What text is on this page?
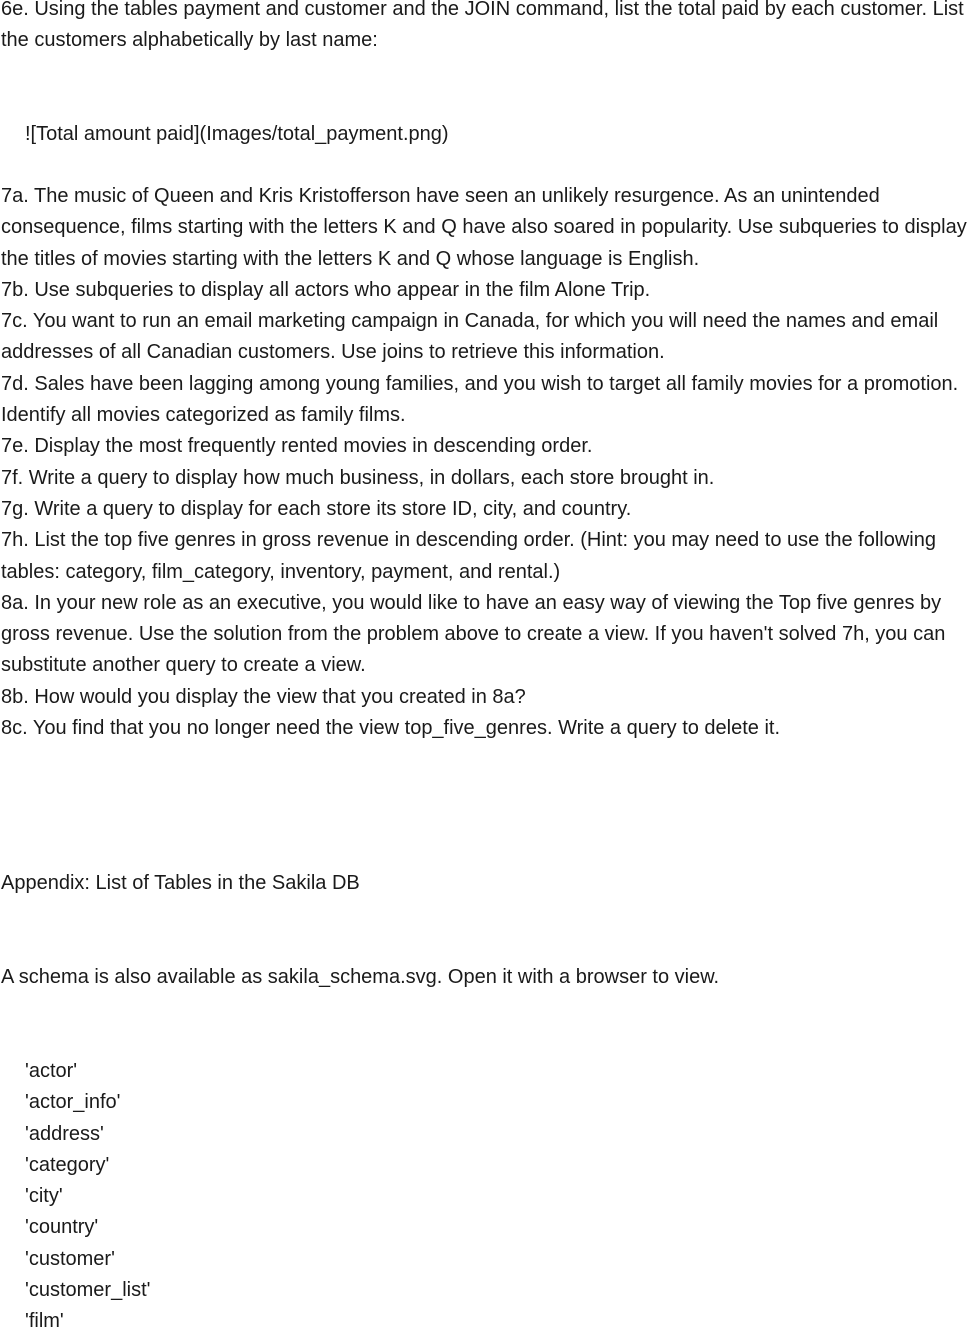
6e. Using the tables payment and customer and the JOIN command, list the total paid by each customer. List the customers alphabetically by last name:

![Total amount paid](Images/total_payment.png)

7a. The music of Queen and Kris Kristofferson have seen an unlikely resurgence. As an unintended consequence, films starting with the letters K and Q have also soared in popularity. Use subqueries to display the titles of movies starting with the letters K and Q whose language is English.

7b. Use subqueries to display all actors who appear in the film Alone Trip.

7c. You want to run an email marketing campaign in Canada, for which you will need the names and email addresses of all Canadian customers. Use joins to retrieve this information.

7d. Sales have been lagging among young families, and you wish to target all family movies for a promotion. Identify all movies categorized as family films.

7e. Display the most frequently rented movies in descending order.

7f. Write a query to display how much business, in dollars, each store brought in.

7g. Write a query to display for each store its store ID, city, and country.

7h. List the top five genres in gross revenue in descending order. (Hint: you may need to use the following tables: category, film_category, inventory, payment, and rental.)

8a. In your new role as an executive, you would like to have an easy way of viewing the Top five genres by gross revenue. Use the solution from the problem above to create a view. If you haven't solved 7h, you can substitute another query to create a view.

8b. How would you display the view that you created in 8a?

8c. You find that you no longer need the view top_five_genres. Write a query to delete it.

Appendix: List of Tables in the Sakila DB

A schema is also available as sakila_schema.svg. Open it with a browser to view.

'actor'
'actor_info'
'address'
'category'
'city'
'country'
'customer'
'customer_list'
'film'
